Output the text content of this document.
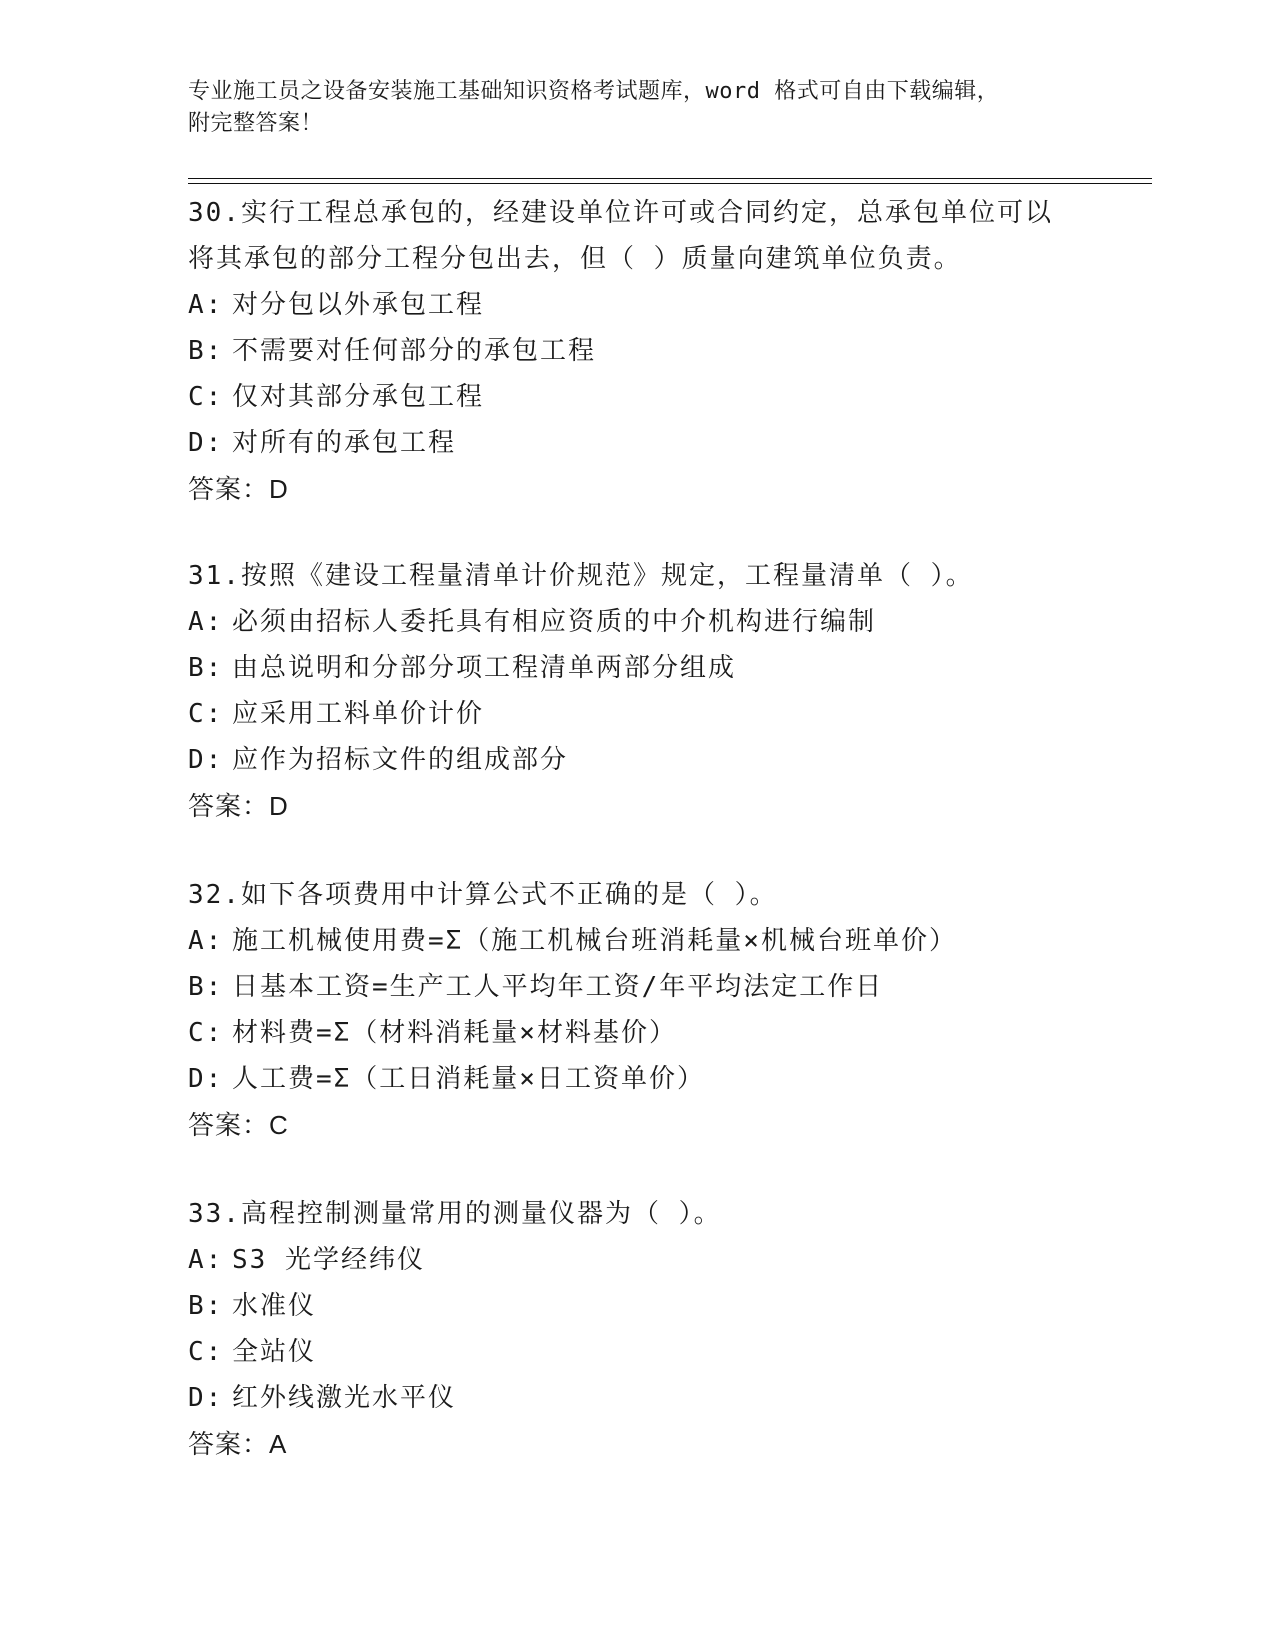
专业施工员之设备安装施工基础知识资格考试题库，word 格式可自由下载编辑，
附完整答案！
30.实行工程总承包的，经建设单位许可或合同约定，总承包单位可以
将其承包的部分工程分包出去，但（ ）质量向建筑单位负责。
A: 对分包以外承包工程
B: 不需要对任何部分的承包工程
C: 仅对其部分承包工程
D: 对所有的承包工程
答案：D
31.按照《建设工程量清单计价规范》规定，工程量清单（ ）。
A: 必须由招标人委托具有相应资质的中介机构进行编制
B: 由总说明和分部分项工程清单两部分组成
C: 应采用工料单价计价
D: 应作为招标文件的组成部分
答案：D
32.如下各项费用中计算公式不正确的是（ ）。
A: 施工机械使用费=Σ（施工机械台班消耗量×机械台班单价）
B: 日基本工资=生产工人平均年工资/年平均法定工作日
C: 材料费=Σ（材料消耗量×材料基价）
D: 人工费=Σ（工日消耗量×日工资单价）
答案：C
33.高程控制测量常用的测量仪器为（ ）。
A: S3 光学经纬仪
B: 水准仪
C: 全站仪
D: 红外线激光水平仪
答案：A
